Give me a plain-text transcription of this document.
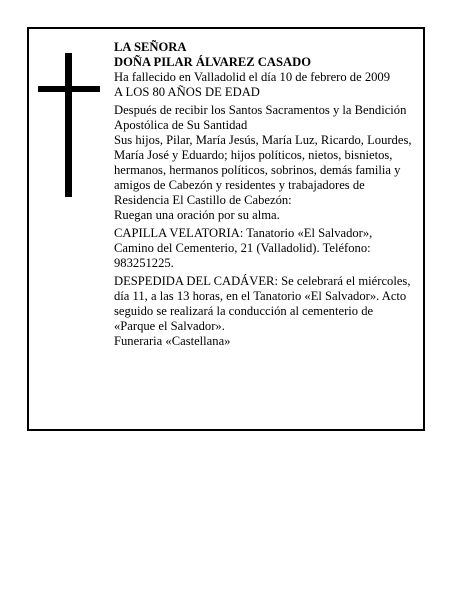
LA SEÑORA

DOÑA PILAR ÁLVAREZ CASADO

Ha fallecido en Valladolid el día 10 de febrero de 2009

A LOS 80 AÑOS DE EDAD

Después de recibir los Santos Sacramentos y la Bendición Apostólica de Su Santidad

Sus hijos, Pilar, María Jesús, María Luz, Ricardo, Lourdes, María José y Eduardo; hijos políticos, nietos, bisnietos, hermanos, hermanos políticos, sobrinos, demás familia y amigos de Cabezón y residentes y trabajadores de Residencia El Castillo de Cabezón:

Ruegan una oración por su alma.

CAPILLA VELATORIA: Tanatorio «El Salvador», Camino del Cementerio, 21 (Valladolid). Teléfono: 983251225.

DESPEDIDA DEL CADÁVER: Se celebrará el miércoles, día 11, a las 13 horas, en el Tanatorio «El Salvador». Acto seguido se realizará la conducción al cementerio de «Parque el Salvador».

Funeraria «Castellana»
